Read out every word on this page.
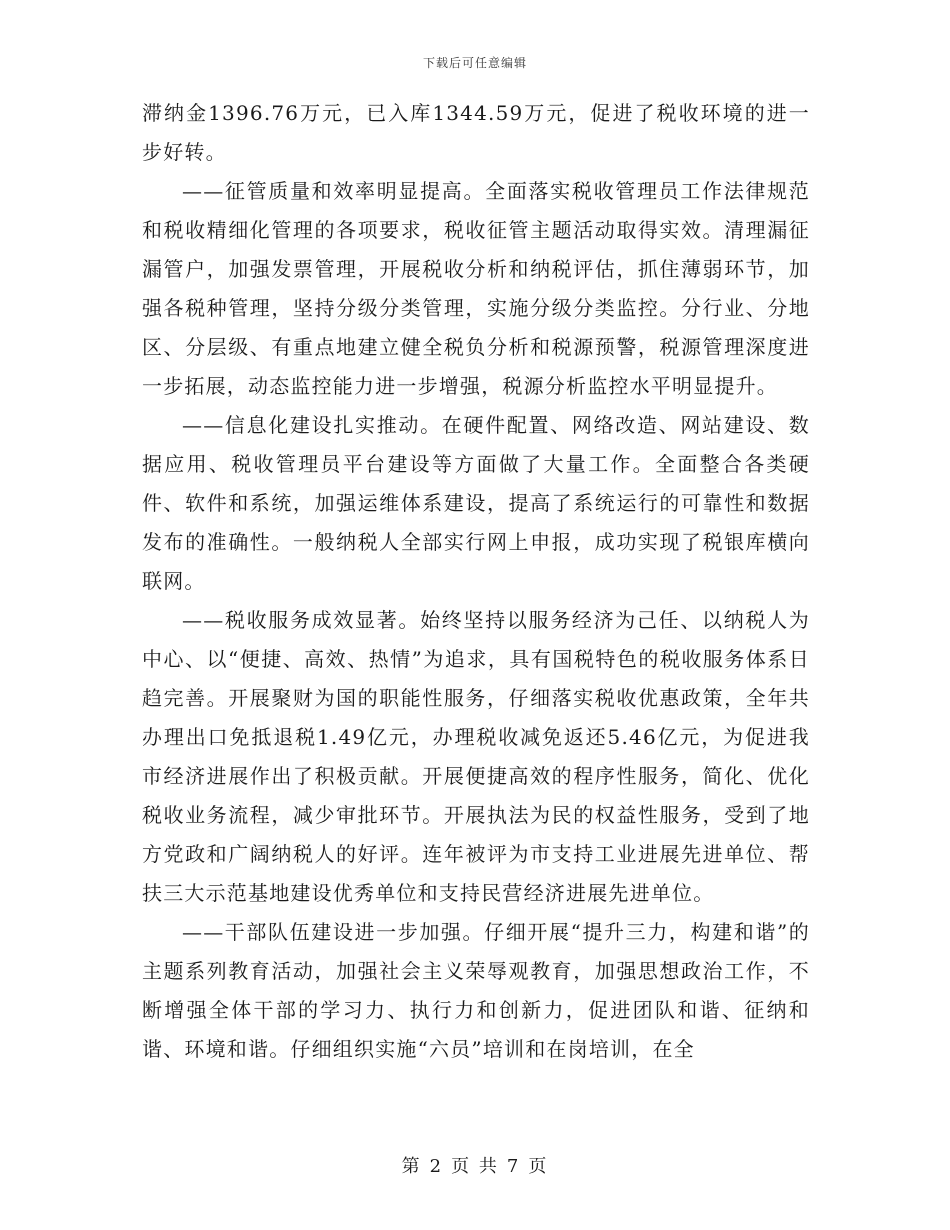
下载后可任意编辑

滞纳金1396.76万元，已入库1344.59万元，促进了税收环境的进一步好转。

——征管质量和效率明显提高。全面落实税收管理员工作法律规范和税收精细化管理的各项要求，税收征管主题活动取得实效。清理漏征漏管户，加强发票管理，开展税收分析和纳税评估，抓住薄弱环节，加强各税种管理，坚持分级分类管理，实施分级分类监控。分行业、分地区、分层级、有重点地建立健全税负分析和税源预警，税源管理深度进一步拓展，动态监控能力进一步增强，税源分析监控水平明显提升。

——信息化建设扎实推动。在硬件配置、网络改造、网站建设、数据应用、税收管理员平台建设等方面做了大量工作。全面整合各类硬件、软件和系统，加强运维体系建设，提高了系统运行的可靠性和数据发布的准确性。一般纳税人全部实行网上申报，成功实现了税银库横向联网。

——税收服务成效显著。始终坚持以服务经济为己任、以纳税人为中心、以“便捷、高效、热情”为追求，具有国税特色的税收服务体系日趋完善。开展聚财为国的职能性服务，仔细落实税收优惠政策，全年共办理出口免抵退税1.49亿元，办理税收减免返还5.46亿元，为促进我市经济进展作出了积极贡献。开展便捷高效的程序性服务，简化、优化税收业务流程，减少审批环节。开展执法为民的权益性服务，受到了地方党政和广阔纳税人的好评。连年被评为市支持工业进展先进单位、帮扶三大示范基地建设优秀单位和支持民营经济进展先进单位。

——干部队伍建设进一步加强。仔细开展“提升三力，构建和谐”的主题系列教育活动，加强社会主义荣辱观教育，加强思想政治工作，不断增强全体干部的学习力、执行力和创新力，促进团队和谐、征纳和谐、环境和谐。仔细组织实施“六员”培训和在岗培训，在全

第 2 页 共 7 页
